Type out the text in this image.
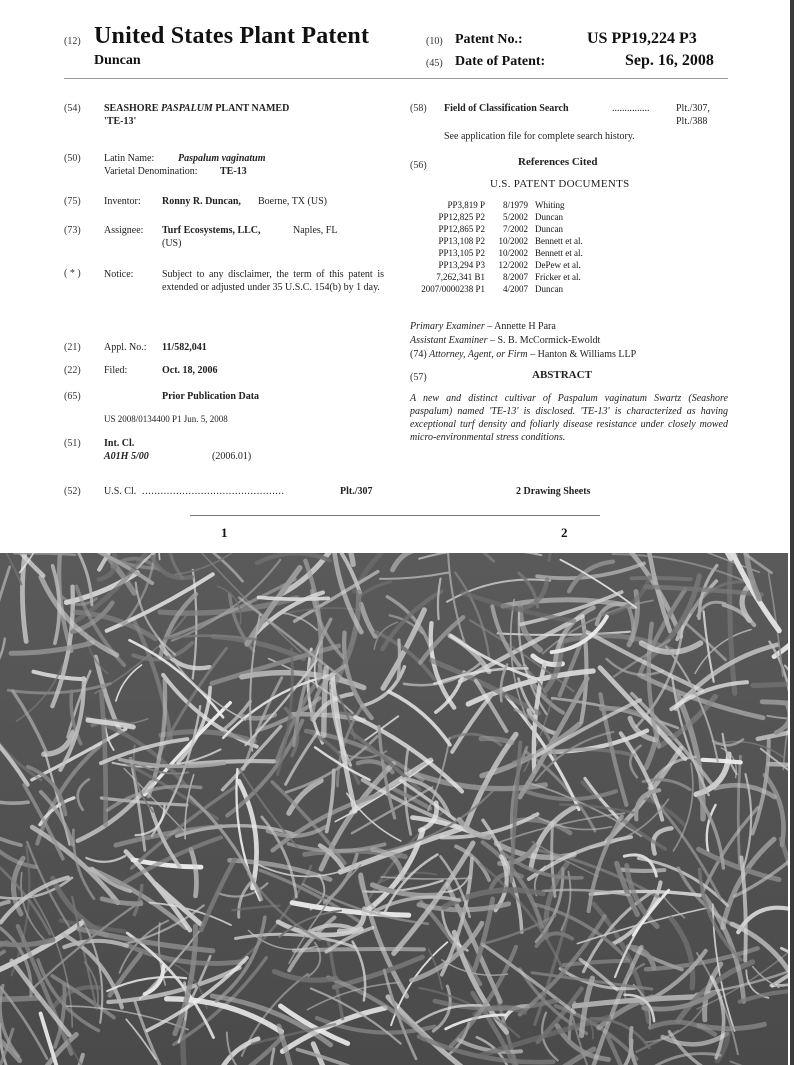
(12) United States Plant Patent
Duncan
(10) Patent No.:	US PP19,224 P3
(45) Date of Patent:	Sep. 16, 2008
(54) SEASHORE PASPALUM PLANT NAMED
'TE-13'
(50) Latin Name: Paspalum vaginatum
Varietal Denomination: TE-13
(75) Inventor: Ronny R. Duncan, Boerne, TX (US)
(73) Assignee: Turf Ecosystems, LLC,	Naples, FL
(US)
( * ) Notice:	Subject to any disclaimer, the term of this patent is extended or adjusted under 35 U.S.C. 154(b) by 1 day.
(21) Appl. No.: 11/582,041
(22) Filed:	Oct. 18, 2006
(65)	Prior Publication Data
US 2008/0134400 P1 Jun. 5, 2008
(51) Int. Cl.
A01H 5/00	(2006.01)
(52) U.S. Cl. ..............................................	Plt./307
(58) Field of Classification Search	...............	Plt./307,
Plt./388
See application file for complete search history.
(56)	References Cited
U.S. PATENT DOCUMENTS
PP3,819 P	8/1979 Whiting
PP12,825 P2	5/2002 Duncan
PP12,865 P2	7/2002 Duncan
PP13,108 P2	10/2002 Bennett et al.
PP13,105 P2	10/2002 Bennett et al.
PP13,294 P3	12/2002 DePew et al.
7,262,341 B1	8/2007 Fricker et al.
2007/0000238 P1	4/2007 Duncan
Primary Examiner – Annette H Para
Assistant Examiner – S. B. McCormick-Ewoldt
(74) Attorney, Agent, or Firm – Hanton & Williams LLP
(57)	ABSTRACT
A new and distinct cultivar of Paspalum vaginatum Swartz (Seashore paspalum) named 'TE-13' is disclosed. 'TE-13' is characterized as having exceptional turf density and foliarly disease resistance under closely mowed micro-environmental stress conditions.
2 Drawing Sheets
1	2
